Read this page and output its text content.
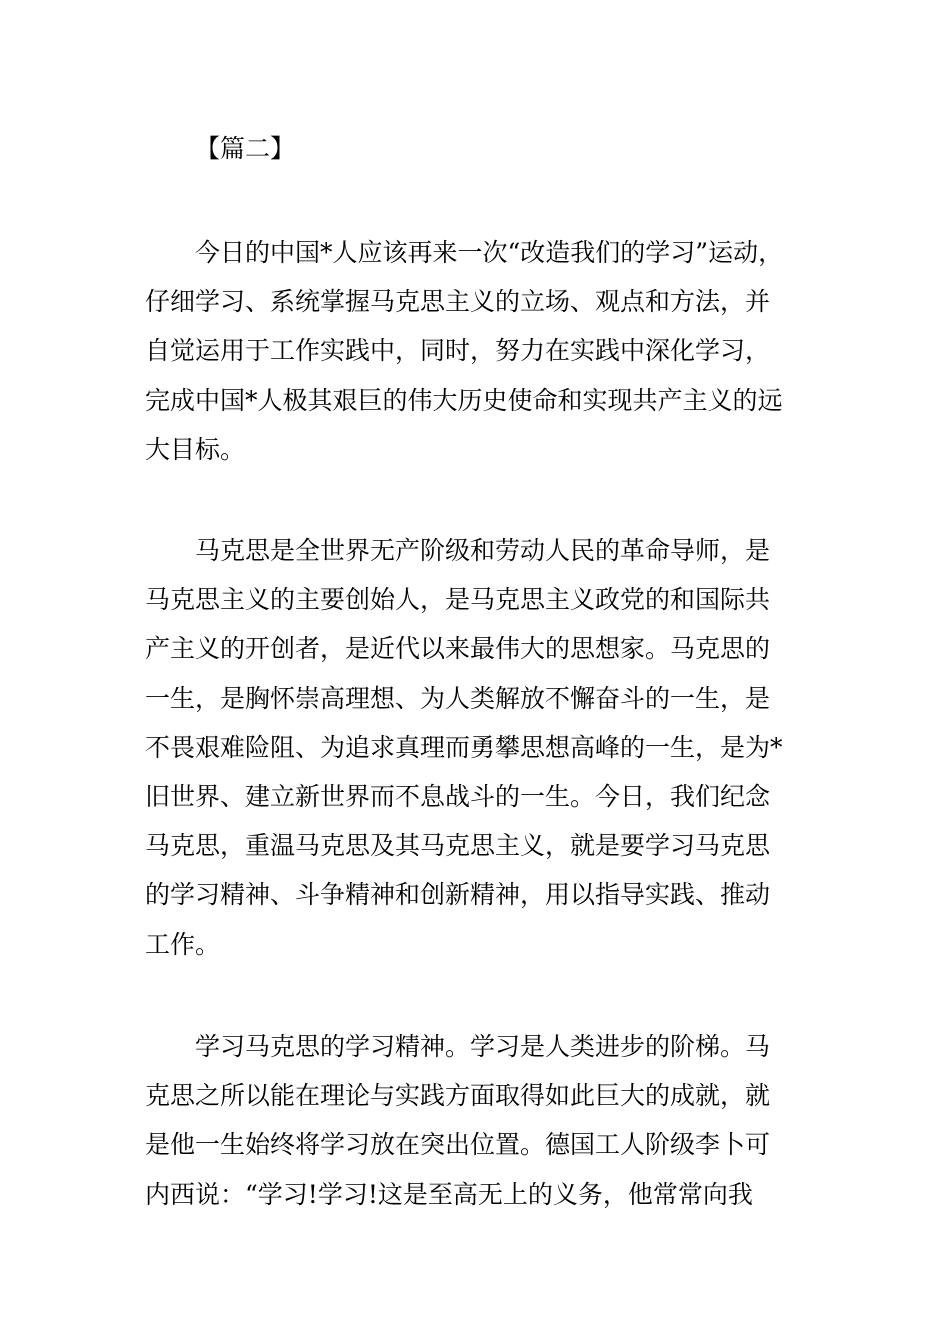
【篇二】
今日的中国*人应该再来一次“改造我们的学习”运动，
仔细学习、系统掌握马克思主义的立场、观点和方法，并
自觉运用于工作实践中，同时，努力在实践中深化学习，
完成中国*人极其艰巨的伟大历史使命和实现共产主义的远
大目标。
马克思是全世界无产阶级和劳动人民的革命导师，是
马克思主义的主要创始人，是马克思主义政党的和国际共
产主义的开创者，是近代以来最伟大的思想家。马克思的
一生，是胸怀崇高理想、为人类解放不懈奋斗的一生，是
不畏艰难险阻、为追求真理而勇攀思想高峰的一生，是为*
旧世界、建立新世界而不息战斗的一生。今日，我们纪念
马克思，重温马克思及其马克思主义，就是要学习马克思
的学习精神、斗争精神和创新精神，用以指导实践、推动
工作。
学习马克思的学习精神。学习是人类进步的阶梯。马
克思之所以能在理论与实践方面取得如此巨大的成就，就
是他一生始终将学习放在突出位置。德国工人阶级李卜可
内西说：“学习!学习!这是至高无上的义务，他常常向我
